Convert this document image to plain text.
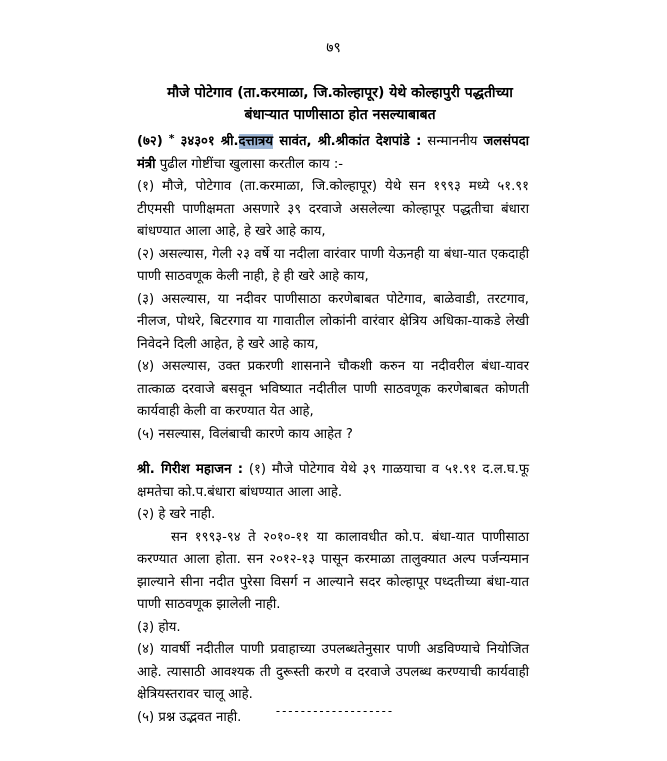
७९
मौजे पोटेगाव (ता.करमाळा, जि.कोल्हापूर) येथे कोल्हापुरी पद्धतीच्या
बंधाऱ्यात पाणीसाठा होत नसल्याबाबत

(७२) * ३४३०१ श्री.दत्तात्रय सावंत, श्री.श्रीकांत देशपांडे : सन्माननीय जलसंपदा मंत्री पुढील गोष्टींचा खुलासा करतील काय :-

(१) मौजे, पोटेगाव (ता.करमाळा, जि.कोल्हापूर) येथे सन १९९३ मध्ये ५१.९१ टीएमसी पाणीक्षमता असणारे ३९ दरवाजे असलेल्या कोल्हापूर पद्धतीचा बंधारा बांधण्यात आला आहे, हे खरे आहे काय,

(२) असल्यास, गेली २३ वर्षे या नदीला वारंवार पाणी येऊनही या बंधा-यात एकदाही पाणी साठवणूक केली नाही, हे ही खरे आहे काय,

(३) असल्यास, या नदीवर पाणीसाठा करणेबाबत पोटेगाव, बाळेवाडी, तरटगाव, नीलज, पोथरे, बिटरगाव या गावातील लोकांनी वारंवार क्षेत्रिय अधिका-याकडे लेखी निवेदने दिली आहेत, हे खरे आहे काय,

(४) असल्यास, उक्त प्रकरणी शासनाने चौकशी करुन या नदीवरील बंधा-यावर तात्काळ दरवाजे बसवून भविष्यात नदीतील पाणी साठवणूक करणेबाबत कोणती कार्यवाही केली वा करण्यात येत आहे,

(५) नसल्यास, विलंबाची कारणे काय आहेत ?

श्री. गिरीश महाजन : (१) मौजे पोटेगाव येथे ३९ गाळयाचा व ५१.९१ द.ल.घ.फू क्षमतेचा को.प.बंधारा बांधण्यात आला आहे.

(२) हे खरे नाही.

सन १९९३-९४ ते २०१०-११ या कालावधीत को.प. बंधा-यात पाणीसाठा करण्यात आला होता. सन २०१२-१३ पासून करमाळा तालुक्यात अल्प पर्जन्यमान झाल्याने सीना नदीत पुरेसा विसर्ग न आल्याने सदर कोल्हापूर पध्दतीच्या बंधा-यात पाणी साठवणूक झालेली नाही.

(३) होय.

(४) यावर्षी नदीतील पाणी प्रवाहाच्या उपलब्धतेनुसार पाणी अडविण्याचे नियोजित आहे. त्यासाठी आवश्यक ती दुरूस्ती करणे व दरवाजे उपलब्ध करण्याची कार्यवाही क्षेत्रियस्तरावर चालू आहे.

(५) प्रश्न उद्भवत नाही.	-------------------
